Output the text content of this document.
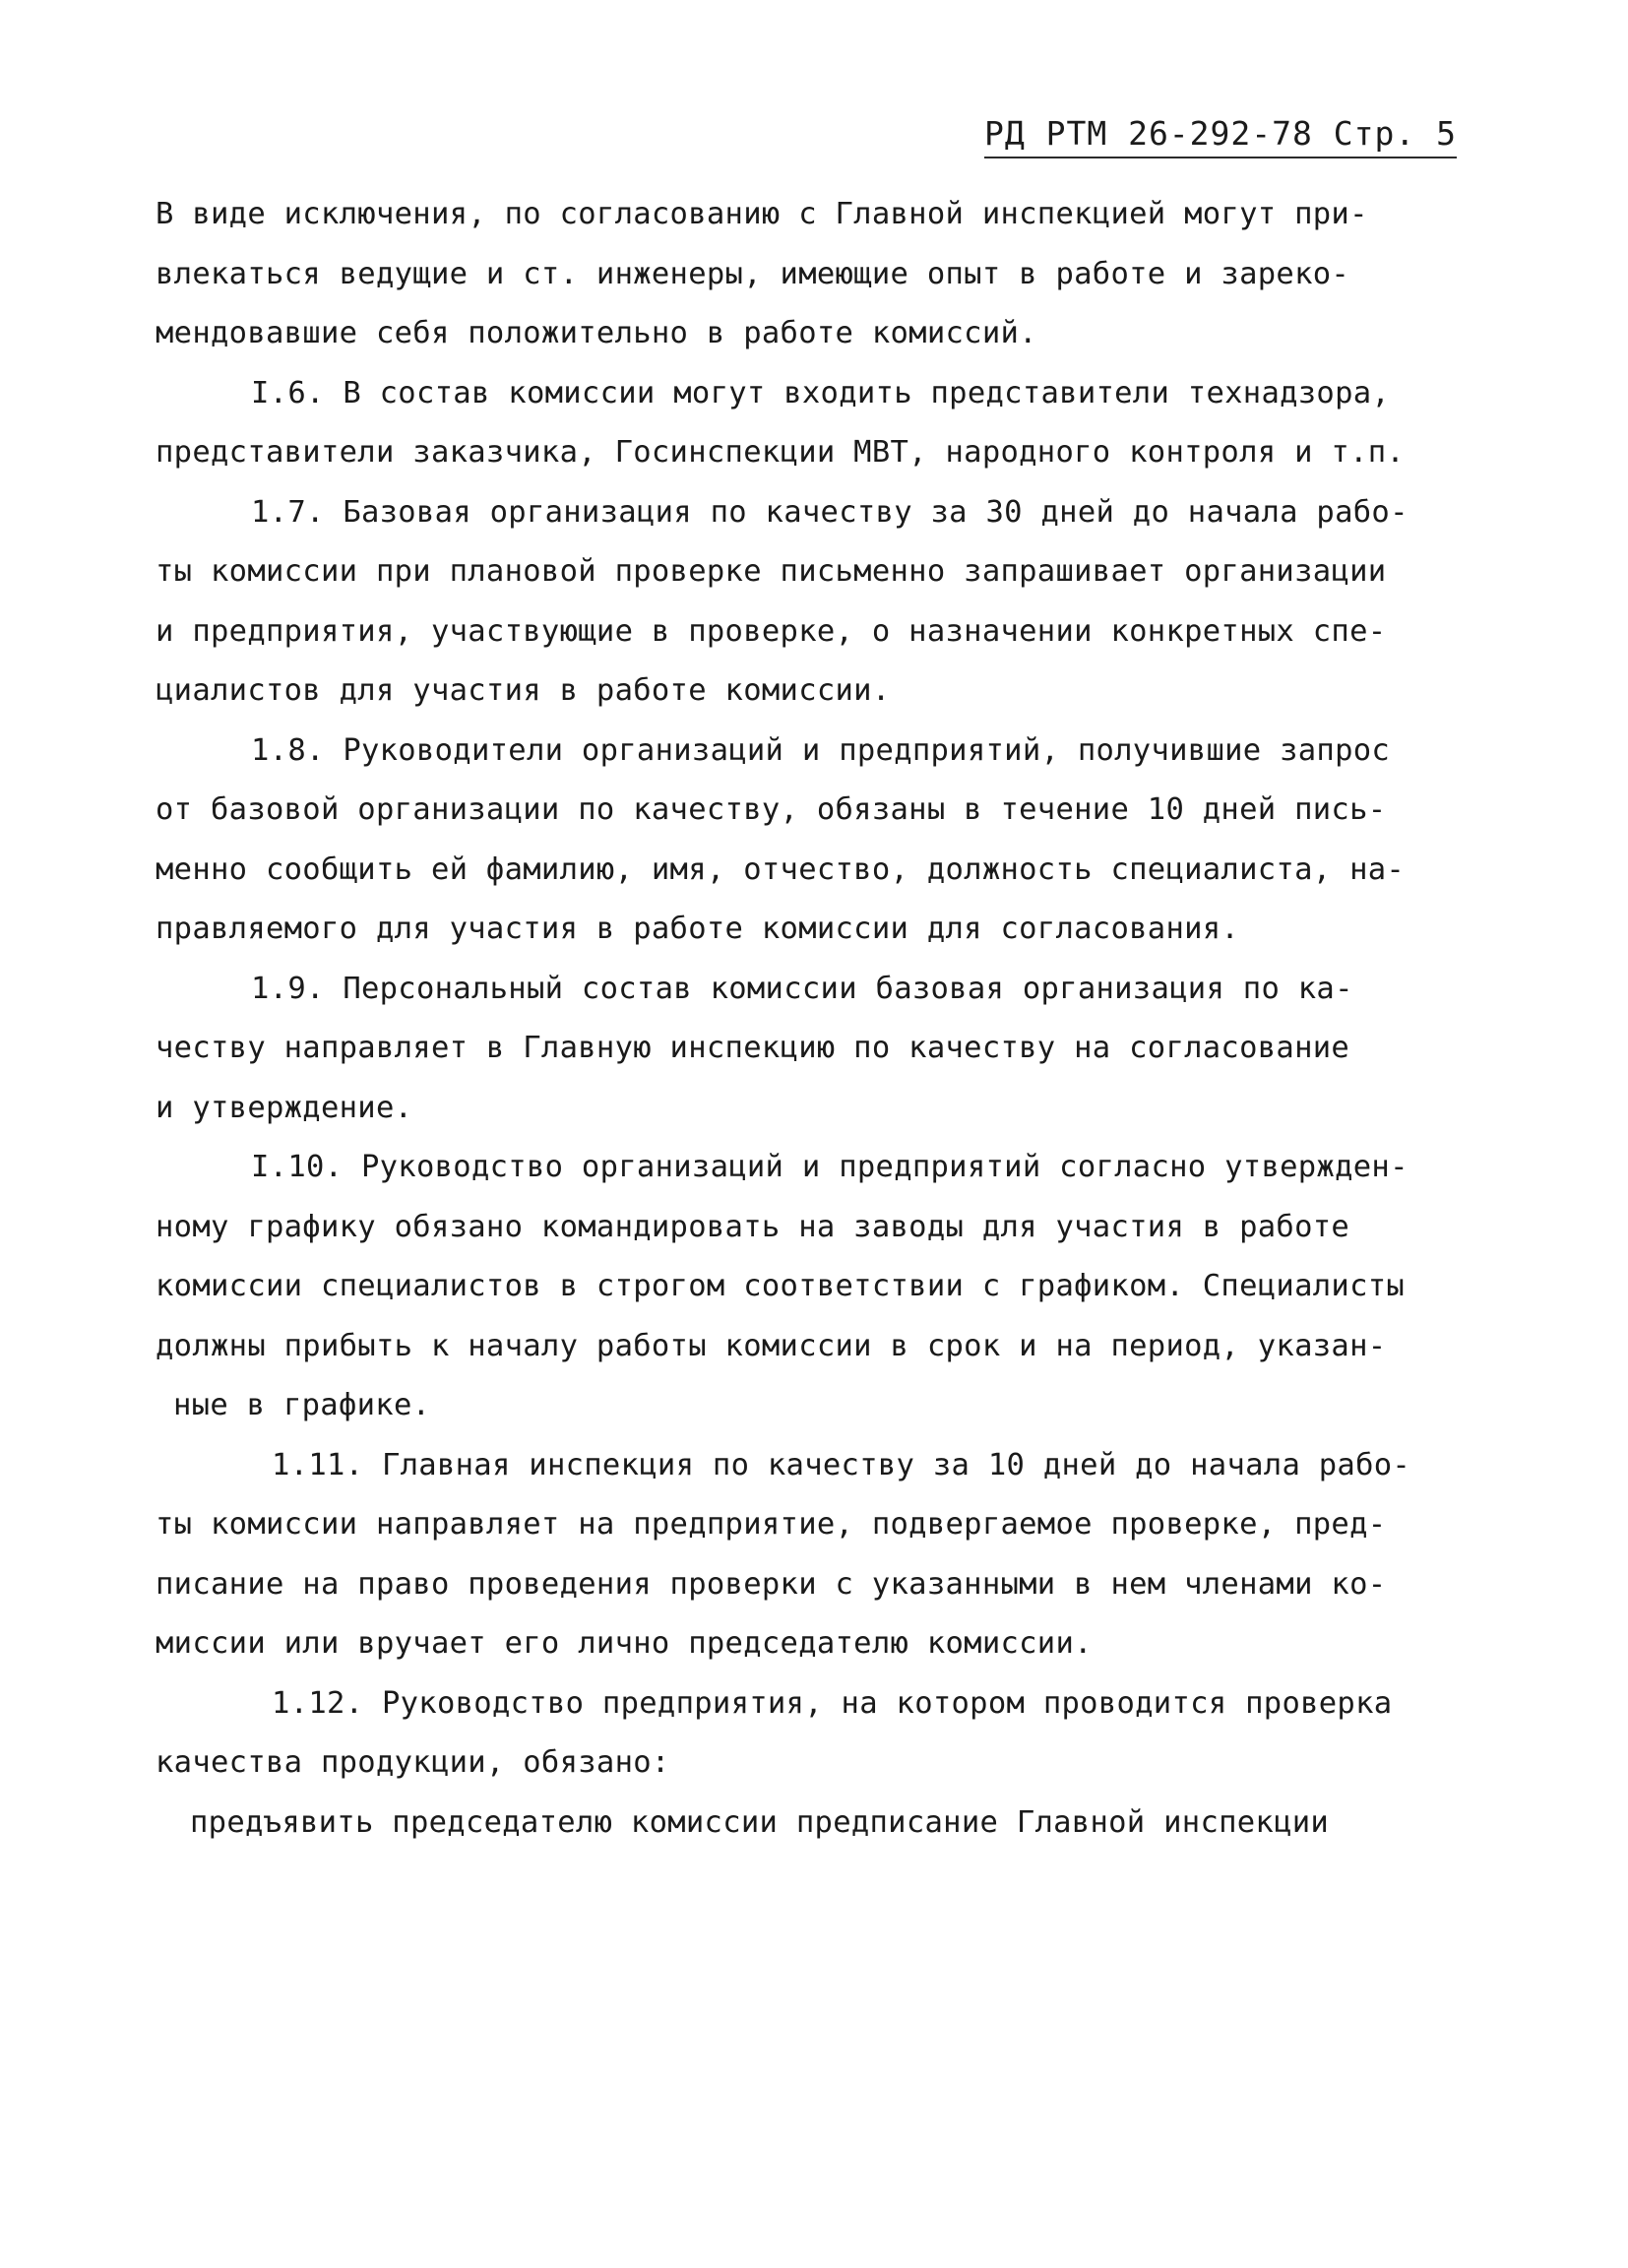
РД РТМ 26-292-78 Стр. 5
В виде исключения, по согласованию с Главной инспекцией могут при-
влекаться ведущие и ст. инженеры, имеющие опыт в работе и зареко-
мендовавшие себя положительно в работе комиссий.
I.6. В состав комиссии могут входить представители технадзора,
представители заказчика, Госинспекции МВТ, народного контроля и т.п.
1.7. Базовая организация по качеству за 30 дней до начала рабо-
ты комиссии при плановой проверке письменно запрашивает организации
и предприятия, участвующие в проверке, о назначении конкретных спе-
циалистов для участия в работе комиссии.
1.8. Руководители организаций и предприятий, получившие запрос
от базовой организации по качеству, обязаны в течение 10 дней пись-
менно сообщить ей фамилию, имя, отчество, должность специалиста, на-
правляемого для участия в работе комиссии для согласования.
1.9. Персональный состав комиссии базовая организация по ка-
честву направляет в Главную инспекцию по качеству на согласование
и утверждение.
I.10. Руководство организаций и предприятий согласно утвержден-
ному графику обязано командировать на заводы для участия в работе
комиссии специалистов в строгом соответствии с графиком. Специалисты
должны прибыть к началу работы комиссии в срок и на период, указан-
ные в графике.
1.11. Главная инспекция по качеству за 10 дней до начала рабо-
ты комиссии направляет на предприятие, подвергаемое проверке, пред-
писание на право проведения проверки с указанными в нем членами ко-
миссии или вручает его лично председателю комиссии.
1.12. Руководство предприятия, на котором проводится проверка
качества продукции, обязано:
предъявить председателю комиссии предписание Главной инспекции
